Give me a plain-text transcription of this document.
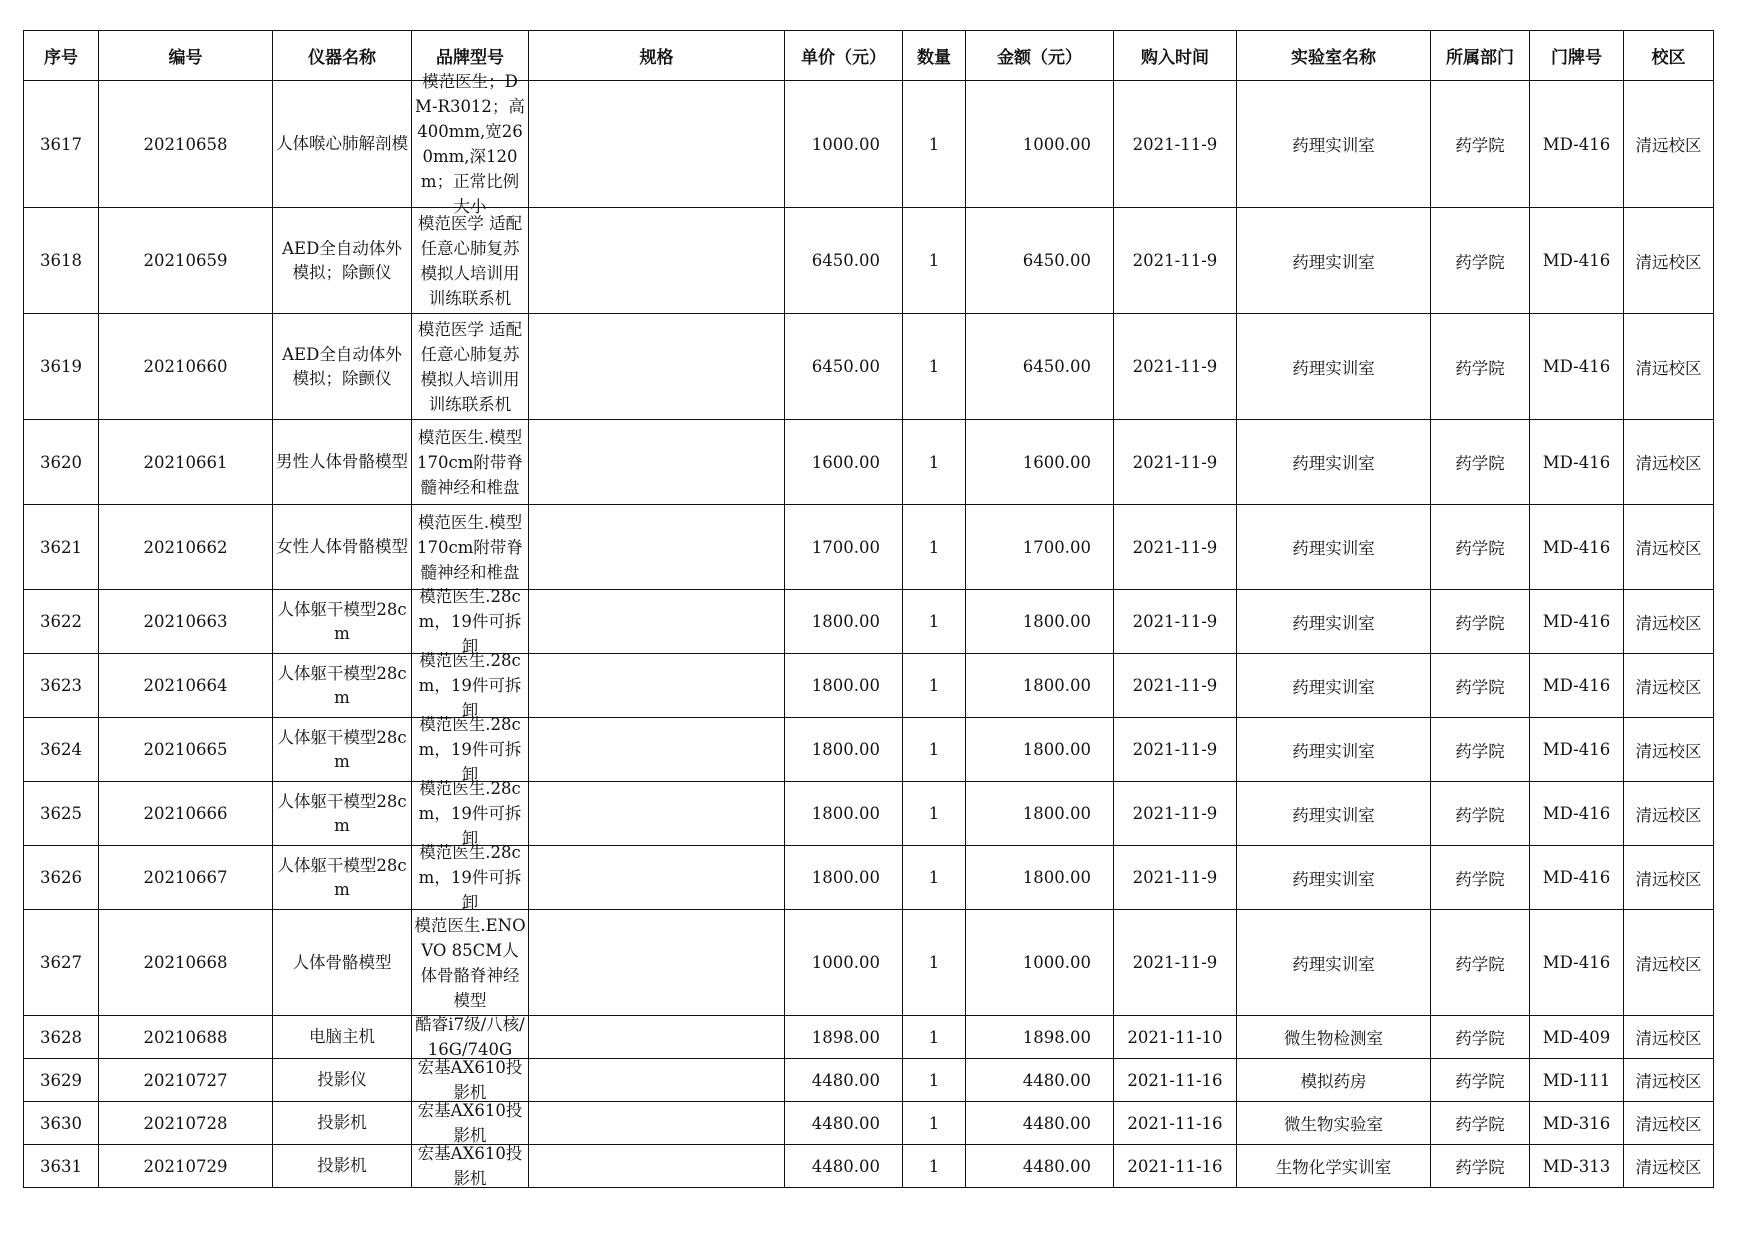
序号	编号	仪器名称	品牌型号	规格	单价（元）	数量	金额（元）	购入时间	实验室名称	所属部门	门牌号	校区
3617	20210658	人体喉心肺解剖模	模范医生；DM-R3012；高400mm,宽260mm,深120m；正常比例大小		1000.00	1	1000.00	2021-11-9	药理实训室	药学院	MD-416	清远校区
3618	20210659	AED全自动体外模拟；除颤仪	模范医学 适配任意心肺复苏模拟人培训用训练联系机		6450.00	1	6450.00	2021-11-9	药理实训室	药学院	MD-416	清远校区
3619	20210660	AED全自动体外模拟；除颤仪	模范医学 适配任意心肺复苏模拟人培训用训练联系机		6450.00	1	6450.00	2021-11-9	药理实训室	药学院	MD-416	清远校区
3620	20210661	男性人体骨骼模型	模范医生.模型170cm附带脊髓神经和椎盘		1600.00	1	1600.00	2021-11-9	药理实训室	药学院	MD-416	清远校区
3621	20210662	女性人体骨骼模型	模范医生.模型170cm附带脊髓神经和椎盘		1700.00	1	1700.00	2021-11-9	药理实训室	药学院	MD-416	清远校区
3622	20210663	人体躯干模型28cm	模范医生.28cm，19件可拆卸		1800.00	1	1800.00	2021-11-9	药理实训室	药学院	MD-416	清远校区
3623	20210664	人体躯干模型28cm	模范医生.28cm，19件可拆卸		1800.00	1	1800.00	2021-11-9	药理实训室	药学院	MD-416	清远校区
3624	20210665	人体躯干模型28cm	模范医生.28cm，19件可拆卸		1800.00	1	1800.00	2021-11-9	药理实训室	药学院	MD-416	清远校区
3625	20210666	人体躯干模型28cm	模范医生.28cm，19件可拆卸		1800.00	1	1800.00	2021-11-9	药理实训室	药学院	MD-416	清远校区
3626	20210667	人体躯干模型28cm	模范医生.28cm，19件可拆卸		1800.00	1	1800.00	2021-11-9	药理实训室	药学院	MD-416	清远校区
3627	20210668	人体骨骼模型	模范医生.ENOVO 85CM人体骨骼脊神经模型		1000.00	1	1000.00	2021-11-9	药理实训室	药学院	MD-416	清远校区
3628	20210688	电脑主机	酷睿i7级/八核/16G/740G		1898.00	1	1898.00	2021-11-10	微生物检测室	药学院	MD-409	清远校区
3629	20210727	投影仪	宏基AX610投影机		4480.00	1	4480.00	2021-11-16	模拟药房	药学院	MD-111	清远校区
3630	20210728	投影机	宏基AX610投影机		4480.00	1	4480.00	2021-11-16	微生物实验室	药学院	MD-316	清远校区
3631	20210729	投影机	宏基AX610投影机		4480.00	1	4480.00	2021-11-16	生物化学实训室	药学院	MD-313	清远校区
